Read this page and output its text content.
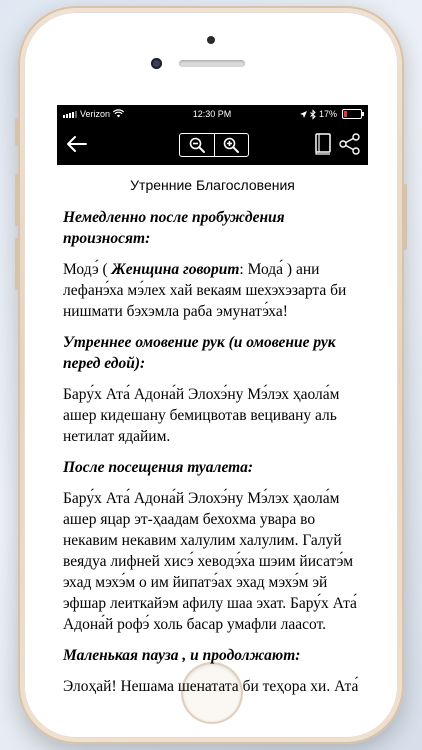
Verizon	12:30 PM	17%
Утренние Благословения

Немедленно после пробуждения произносят:

Модэ́ ( Женщина говорит: Мода́ ) ани лефанэ́ха мэ́лех хай векаям шехэхэзарта би нишмати бэхэмла раба эмунатэ́ха!

Утреннее омовение рук (и омовение рук перед едой):

Бару́х Ата́ Адона́й Элохэ́ну Мэ́лэх ҳаола́м ашер кидешану бемицвотав вецивану аль нетилат ядайим.

После посещения туалета:

Бару́х Ата́ Адона́й Элохэ́ну Мэ́лэх ҳаола́м ашер яцар эт-ҳаадам бехохма увара во некавим некавим халулим халулим. Галуй веядуа лифней хисэ́ хеводэ́ха шэим йисатэ́м эхад мэхэ́м о им йипатэ́ах эхад мэхэ́м эй эфшар леиткайэм афилу шаа эхат. Бару́х Ата́ Адона́й рофэ́ холь басар умафли лаасот.

Маленькая пауза , и продолжают:

Элоҳай! Нешама шенатата би теҳора хи. Ата́
